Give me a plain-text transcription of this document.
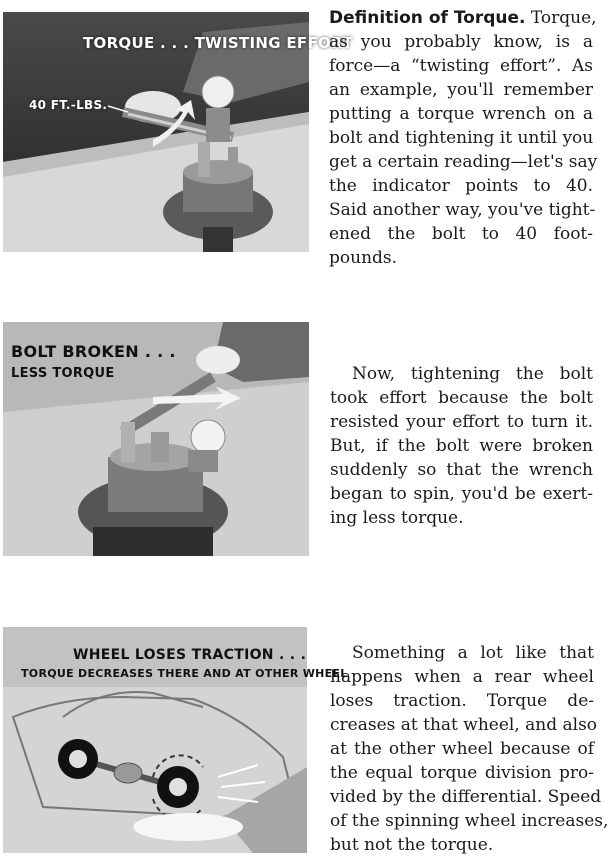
TORQUE . . . TWISTING EFFORT
40 FT.-LBS.
BOLT BROKEN . . .
LESS TORQUE
WHEEL LOSES TRACTION . . .
TORQUE DECREASES THERE AND AT OTHER WHEEL
Definition of Torque. Torque,
as you probably know, is a
force—a “twisting effort”. As
an example, you'll remember
putting a torque wrench on a
bolt and tightening it until you
get a certain reading—let's say
the indicator points to 40.
Said another way, you've tight-
ened the bolt to 40 foot-
pounds.
Now, tightening the bolt
took effort because the bolt
resisted your effort to turn it.
But, if the bolt were broken
suddenly so that the wrench
began to spin, you'd be exert-
ing less torque.
Something a lot like that
happens when a rear wheel
loses traction. Torque de-
creases at that wheel, and also
at the other wheel because of
the equal torque division pro-
vided by the differential. Speed
of the spinning wheel increases,
but not the torque.
